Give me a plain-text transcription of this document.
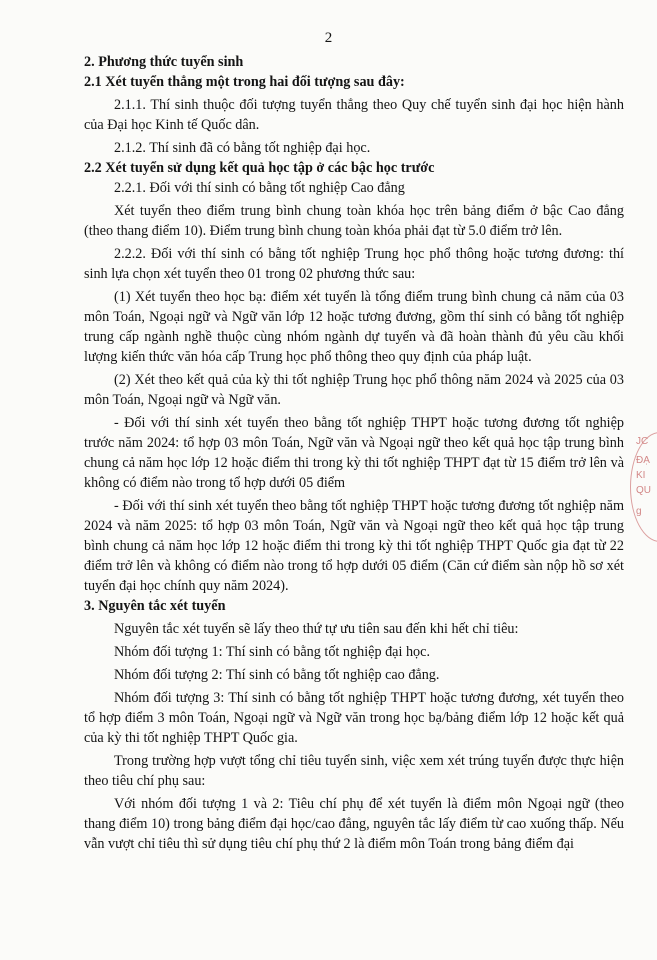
2

2. Phương thức tuyển sinh

2.1 Xét tuyển thẳng một trong hai đối tượng sau đây:

2.1.1. Thí sinh thuộc đối tượng tuyển thẳng theo Quy chế tuyển sinh đại học hiện hành của Đại học Kinh tế Quốc dân.

2.1.2. Thí sinh đã có bằng tốt nghiệp đại học.

2.2 Xét tuyển sử dụng kết quả học tập ở các bậc học trước

2.2.1. Đối với thí sinh có bằng tốt nghiệp Cao đẳng

Xét tuyển theo điểm trung bình chung toàn khóa học trên bảng điểm ở bậc Cao đẳng (theo thang điểm 10). Điểm trung bình chung toàn khóa phải đạt từ 5.0 điểm trở lên.

2.2.2. Đối với thí sinh có bằng tốt nghiệp Trung học phổ thông hoặc tương đương: thí sinh lựa chọn xét tuyển theo 01 trong 02 phương thức sau:

(1) Xét tuyển theo học bạ: điểm xét tuyển là tổng điểm trung bình chung cả năm của 03 môn Toán, Ngoại ngữ và Ngữ văn lớp 12 hoặc tương đương, gồm thí sinh có bằng tốt nghiệp trung cấp ngành nghề thuộc cùng nhóm ngành dự tuyển và đã hoàn thành đủ yêu cầu khối lượng kiến thức văn hóa cấp Trung học phổ thông theo quy định của pháp luật.

(2) Xét theo kết quả của kỳ thi tốt nghiệp Trung học phổ thông năm 2024 và 2025 của 03 môn Toán, Ngoại ngữ và Ngữ văn.

- Đối với thí sinh xét tuyển theo bằng tốt nghiệp THPT hoặc tương đương tốt nghiệp trước năm 2024: tổ hợp 03 môn Toán, Ngữ văn và Ngoại ngữ theo kết quả học tập trung bình chung cả năm học lớp 12 hoặc điểm thi trong kỳ thi tốt nghiệp THPT đạt từ 15 điểm trở lên và không có điểm nào trong tổ hợp dưới 05 điểm

- Đối với thí sinh xét tuyển theo bằng tốt nghiệp THPT hoặc tương đương tốt nghiệp năm 2024 và năm 2025: tổ hợp 03 môn Toán, Ngữ văn và Ngoại ngữ theo kết quả học tập trung bình chung cả năm học lớp 12 hoặc điểm thi trong kỳ thi tốt nghiệp THPT Quốc gia đạt từ 22 điểm trở lên và không có điểm nào trong tổ hợp dưới 05 điểm (Căn cứ điểm sàn nộp hồ sơ xét tuyển đại học chính quy năm 2024).

3. Nguyên tắc xét tuyển

Nguyên tắc xét tuyển sẽ lấy theo thứ tự ưu tiên sau đến khi hết chỉ tiêu:

Nhóm đối tượng 1: Thí sinh có bằng tốt nghiệp đại học.

Nhóm đối tượng 2: Thí sinh có bằng tốt nghiệp cao đẳng.

Nhóm đối tượng 3: Thí sinh có bằng tốt nghiệp THPT hoặc tương đương, xét tuyển theo tổ hợp điểm 3 môn Toán, Ngoại ngữ và Ngữ văn trong học bạ/bảng điểm lớp 12 hoặc kết quả của kỳ thi tốt nghiệp THPT Quốc gia.

Trong trường hợp vượt tổng chỉ tiêu tuyển sinh, việc xem xét trúng tuyển được thực hiện theo tiêu chí phụ sau:

Với nhóm đối tượng 1 và 2: Tiêu chí phụ để xét tuyển là điểm môn Ngoại ngữ (theo thang điểm 10) trong bảng điểm đại học/cao đẳng, nguyên tắc lấy điểm từ cao xuống thấp. Nếu vẫn vượt chỉ tiêu thì sử dụng tiêu chí phụ thứ 2 là điểm môn Toán trong bảng điểm đại

JC
ĐẠ
KI
QU
g
